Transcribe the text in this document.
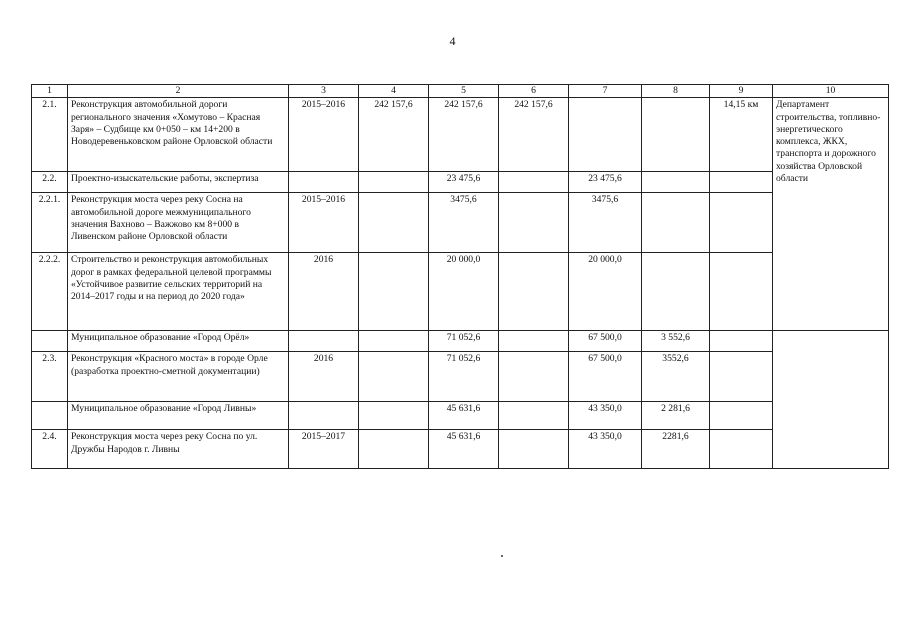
4
1	2	3	4	5	6	7	8	9	10
2.1.	Реконструкция автомобильной дороги регионального значения «Хомутово – Красная Заря» – Судбище км 0+050 – км 14+200 в Новодеревеньковском районе Орловской области	2015–2016	242 157,6	242 157,6	242 157,6			14,15 км	Департамент строительства, топливно-энергетического комплекса, ЖКХ, транспорта и дорожного хозяйства Орловской области
2.2.	Проектно-изыскательские работы, экспертиза			23 475,6		23 475,6			
2.2.1.	Реконструкция моста через реку Сосна на автомобильной дороге межмуниципального значения Вахново – Важжово км 8+000 в Ливенском районе Орловской области	2015–2016		3475,6		3475,6			
2.2.2.	Строительство и реконструкция автомобильных дорог в рамках федеральной целевой программы «Устойчивое развитие сельских территорий на 2014–2017 годы и на период до 2020 года»	2016		20 000,0		20 000,0			
	Муниципальное образование «Город Орёл»			71 052,6		67 500,0	3 552,6		
2.3.	Реконструкция «Красного моста» в городе Орле (разработка проектно-сметной документации)	2016		71 052,6		67 500,0	3552,6		
	Муниципальное образование «Город Ливны»			45 631,6		43 350,0	2 281,6		
2.4.	Реконструкция моста через реку Сосна по ул. Дружбы Народов г. Ливны	2015–2017		45 631,6		43 350,0	2281,6		
